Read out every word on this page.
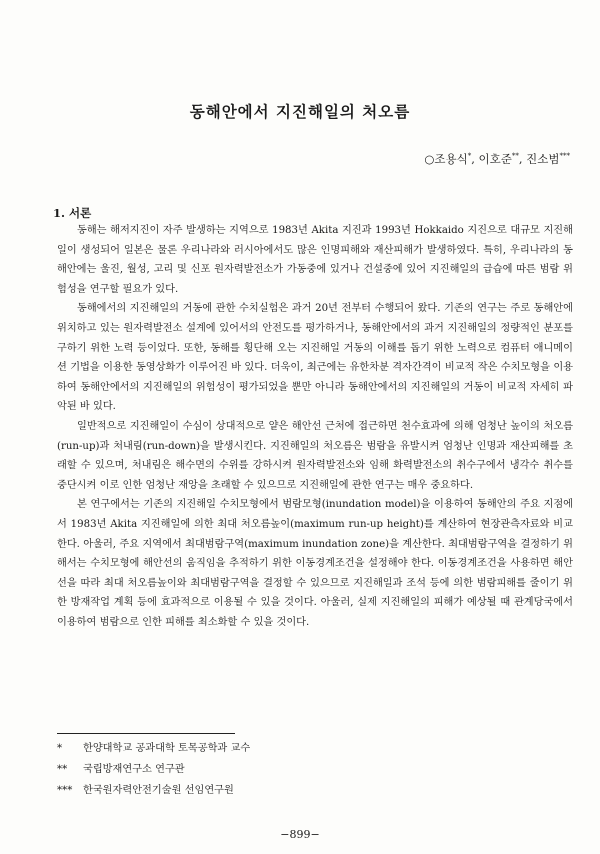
동해안에서 지진해일의 처오름
○조용식*, 이호준**, 진소범***
1. 서론

동해는 해저지진이 자주 발생하는 지역으로 1983년 Akita 지진과 1993년 Hokkaido 지진으로 대규모 지진해일이 생성되어 일본은 물론 우리나라와 러시아에서도 많은 인명피해와 재산피해가 발생하였다. 특히, 우리나라의 동해안에는 울진, 월성, 고리 및 신포 원자력발전소가 가동중에 있거나 건설중에 있어 지진해일의 급습에 따른 범람 위험성을 연구할 필요가 있다.

동해에서의 지진해일의 거동에 관한 수치실험은 과거 20년 전부터 수행되어 왔다. 기존의 연구는 주로 동해안에 위치하고 있는 원자력발전소 설계에 있어서의 안전도를 평가하거나, 동해안에서의 과거 지진해일의 정량적인 분포를 구하기 위한 노력 등이었다. 또한, 동해를 횡단해 오는 지진해일 거동의 이해를 돕기 위한 노력으로 컴퓨터 애니메이션 기법을 이용한 동영상화가 이루어진 바 있다. 더욱이, 최근에는 유한차분 격자간격이 비교적 작은 수치모형을 이용하여 동해안에서의 지진해일의 위험성이 평가되었을 뿐만 아니라 동해안에서의 지진해일의 거동이 비교적 자세히 파악된 바 있다.

일반적으로 지진해일이 수심이 상대적으로 얕은 해안선 근처에 접근하면 천수효과에 의해 엄청난 높이의 처오름(run-up)과 처내림(run-down)을 발생시킨다. 지진해일의 처오름은 범람을 유발시켜 엄청난 인명과 재산피해를 초래할 수 있으며, 처내림은 해수면의 수위를 강하시켜 원자력발전소와 임해 화력발전소의 취수구에서 냉각수 취수를 중단시켜 이로 인한 엄청난 재앙을 초래할 수 있으므로 지진해일에 관한 연구는 매우 중요하다.

본 연구에서는 기존의 지진해일 수치모형에서 범람모형(inundation model)을 이용하여 동해안의 주요 지점에서 1983년 Akita 지진해일에 의한 최대 처오름높이(maximum run-up height)를 계산하여 현장관측자료와 비교한다. 아울러, 주요 지역에서 최대범람구역(maximum inundation zone)을 계산한다. 최대범람구역을 결정하기 위해서는 수치모형에 해안선의 움직임을 추적하기 위한 이동경계조건을 설정해야 한다. 이동경계조건을 사용하면 해안선을 따라 최대 처오름높이와 최대범람구역을 결정할 수 있으므로 지진해일과 조석 등에 의한 범람피해를 줄이기 위한 방재작업 계획 등에 효과적으로 이용될 수 있을 것이다. 아울러, 실제 지진해일의 피해가 예상될 때 관계당국에서 이용하여 범람으로 인한 피해를 최소화할 수 있을 것이다.

*	한양대학교 공과대학 토목공학과 교수
**	국립방재연구소 연구관
***	한국원자력안전기술원 선임연구원
−899−
